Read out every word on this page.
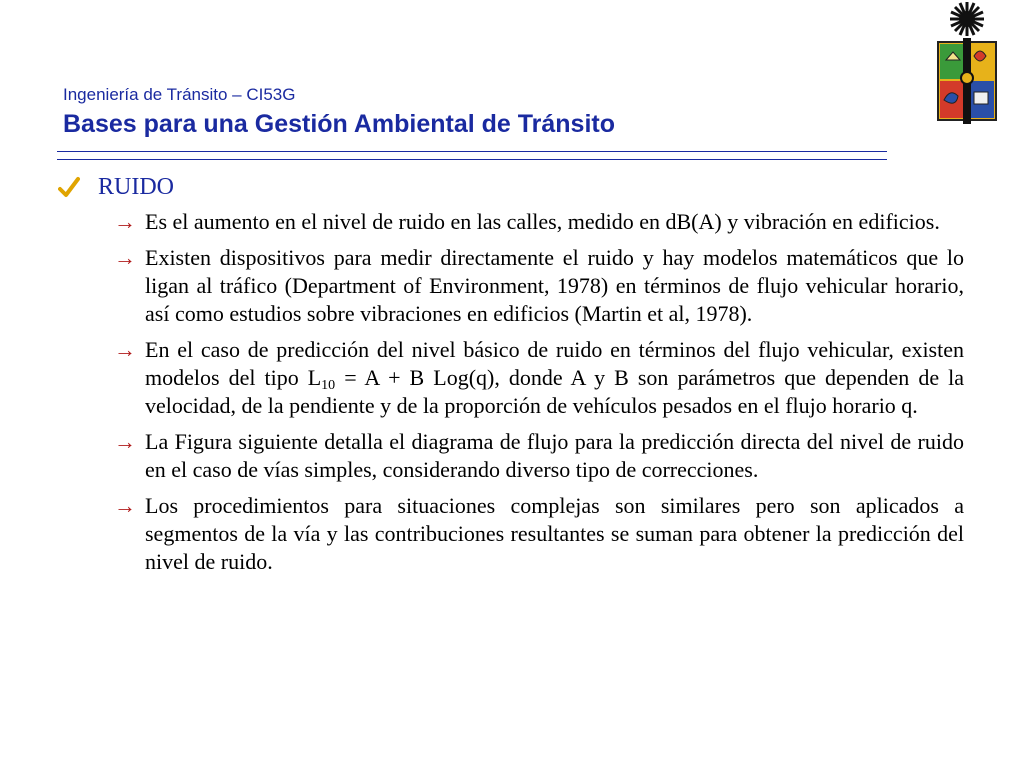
Ingeniería de Tránsito – CI53G
Bases para una Gestión Ambiental de Tránsito
RUIDO
→ Es el aumento en el nivel de ruido en las calles, medido en dB(A) y vibración en edificios.
→ Existen dispositivos para medir directamente el ruido y hay modelos matemáticos que lo ligan al tráfico (Department of Environment, 1978) en términos de flujo vehicular horario, así como estudios sobre vibraciones en edificios (Martin et al, 1978).
→ En el caso de predicción del nivel básico de ruido en términos del flujo vehicular, existen modelos del tipo $L_{10} = A + B$ Log(q), donde A y B son parámetros que dependen de la velocidad, de la pendiente y de la proporción de vehículos pesados en el flujo horario q.
→ La Figura siguiente detalla el diagrama de flujo para la predicción directa del nivel de ruido en el caso de vías simples, considerando diverso tipo de correcciones.
→ Los procedimientos para situaciones complejas son similares pero son aplicados a segmentos de la vía y las contribuciones resultantes se suman para obtener la predicción del nivel de ruido.
